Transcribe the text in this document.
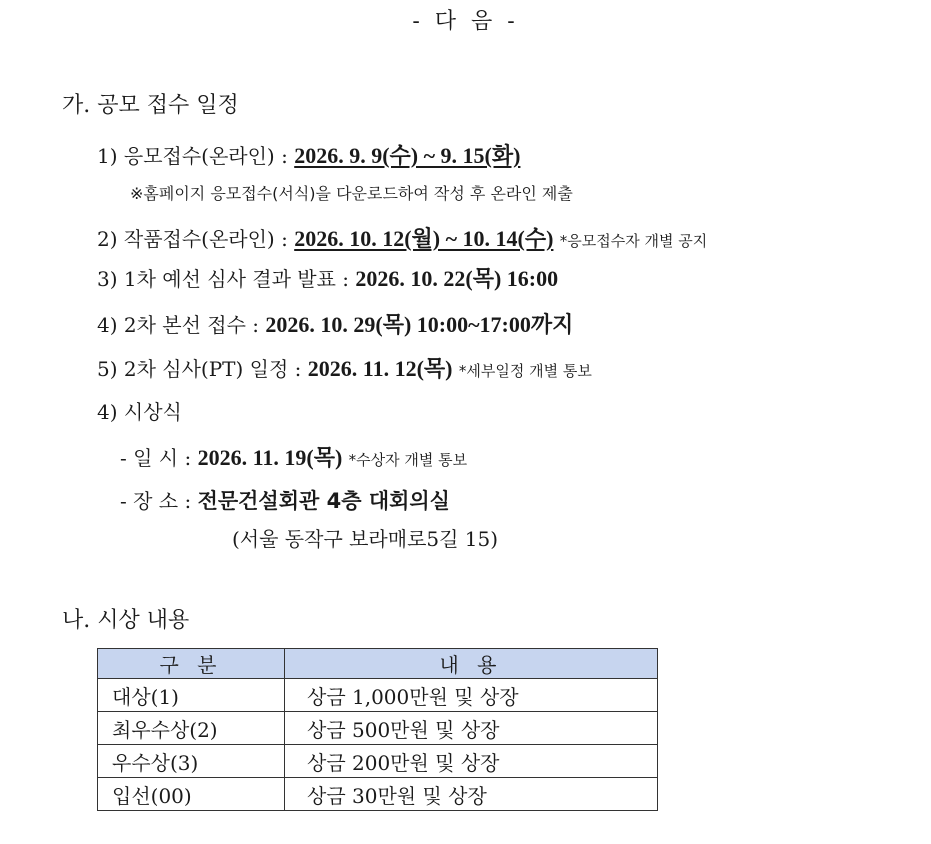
- 다 음 -
가. 공모 접수 일정
1) 응모접수(온라인) : 2026. 9. 9(수) ~ 9. 15(화)
※홈페이지 응모접수(서식)을 다운로드하여 작성 후 온라인 제출
2) 작품접수(온라인) : 2026. 10. 12(월) ~ 10. 14(수) *응모접수자 개별 공지
3) 1차 예선 심사 결과 발표 : 2026. 10. 22(목) 16:00
4) 2차 본선 접수 : 2026. 10. 29(목) 10:00~17:00까지
5) 2차 심사(PT) 일정 : 2026. 11. 12(목) *세부일정 개별 통보
4) 시상식
- 일 시 : 2026. 11. 19(목) *수상자 개별 통보
- 장 소 : 전문건설회관 4층 대회의실
(서울 동작구 보라매로5길 15)
나. 시상 내용
구 분	내 용
대상(1)	상금 1,000만원 및 상장
최우수상(2)	상금 500만원 및 상장
우수상(3)	상금 200만원 및 상장
입선(00)	상금 30만원 및 상장
